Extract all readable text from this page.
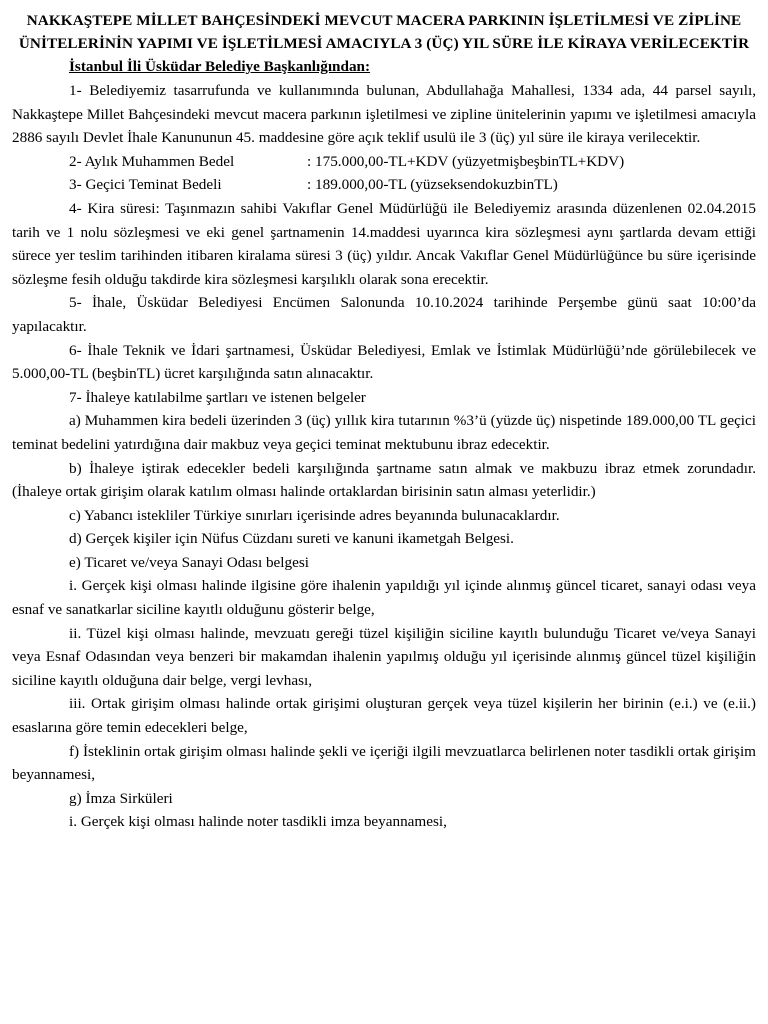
NAKKAŞTEPE MİLLET BAHÇESİNDEKİ MEVCUT MACERA PARKININ İŞLETİLMESİ VE ZİPLİNE ÜNİTELERİNİN YAPIMI VE İŞLETİLMESİ AMACIYLA 3 (ÜÇ) YIL SÜRE İLE KİRAYA VERİLECEKTİR
İstanbul İli Üsküdar Belediye Başkanlığından:

1- Belediyemiz tasarrufunda ve kullanımında bulunan, Abdullahağa Mahallesi, 1334 ada, 44 parsel sayılı, Nakkaştepe Millet Bahçesindeki mevcut macera parkının işletilmesi ve zipline ünitelerinin yapımı ve işletilmesi amacıyla 2886 sayılı Devlet İhale Kanununun 45. maddesine göre açık teklif usulü ile 3 (üç) yıl süre ile kiraya verilecektir.

2- Aylık Muhammen Bedel	: 175.000,00-TL+KDV (yüzyetmişbeşbinTL+KDV)
3- Geçici Teminat Bedeli	: 189.000,00-TL (yüzseksendokuzbinTL)

4- Kira süresi: Taşınmazın sahibi Vakıflar Genel Müdürlüğü ile Belediyemiz arasında düzenlenen 02.04.2015 tarih ve 1 nolu sözleşmesi ve eki genel şartnamenin 14.maddesi uyarınca kira sözleşmesi aynı şartlarda devam ettiği sürece yer teslim tarihinden itibaren kiralama süresi 3 (üç) yıldır. Ancak Vakıflar Genel Müdürlüğünce bu süre içerisinde sözleşme fesih olduğu takdirde kira sözleşmesi karşılıklı olarak sona erecektir.

5- İhale, Üsküdar Belediyesi Encümen Salonunda 10.10.2024 tarihinde Perşembe günü saat 10:00’da yapılacaktır.

6- İhale Teknik ve İdari şartnamesi, Üsküdar Belediyesi, Emlak ve İstimlak Müdürlüğü’nde görülebilecek ve 5.000,00-TL (beşbinTL) ücret karşılığında satın alınacaktır.

7- İhaleye katılabilme şartları ve istenen belgeler

a) Muhammen kira bedeli üzerinden 3 (üç) yıllık kira tutarının %3’ü (yüzde üç) nispetinde 189.000,00 TL geçici teminat bedelini yatırdığına dair makbuz veya geçici teminat mektubunu ibraz edecektir.

b) İhaleye iştirak edecekler bedeli karşılığında şartname satın almak ve makbuzu ibraz etmek zorundadır.(İhaleye ortak girişim olarak katılım olması halinde ortaklardan birisinin satın alması yeterlidir.)

c) Yabancı istekliler Türkiye sınırları içerisinde adres beyanında bulunacaklardır.

d) Gerçek kişiler için Nüfus Cüzdanı sureti ve kanuni ikametgah Belgesi.

e) Ticaret ve/veya Sanayi Odası belgesi

i. Gerçek kişi olması halinde ilgisine göre ihalenin yapıldığı yıl içinde alınmış güncel ticaret, sanayi odası veya esnaf ve sanatkarlar siciline kayıtlı olduğunu gösterir belge,

ii. Tüzel kişi olması halinde, mevzuatı gereği tüzel kişiliğin siciline kayıtlı bulunduğu Ticaret ve/veya Sanayi veya Esnaf Odasından veya benzeri bir makamdan ihalenin yapılmış olduğu yıl içerisinde alınmış güncel tüzel kişiliğin siciline kayıtlı olduğuna dair belge, vergi levhası,

iii. Ortak girişim olması halinde ortak girişimi oluşturan gerçek veya tüzel kişilerin her birinin (e.i.) ve (e.ii.) esaslarına göre temin edecekleri belge,

f) İsteklinin ortak girişim olması halinde şekli ve içeriği ilgili mevzuatlarca belirlenen noter tasdikli ortak girişim beyannamesi,

g) İmza Sirküleri

i. Gerçek kişi olması halinde noter tasdikli imza beyannamesi,
